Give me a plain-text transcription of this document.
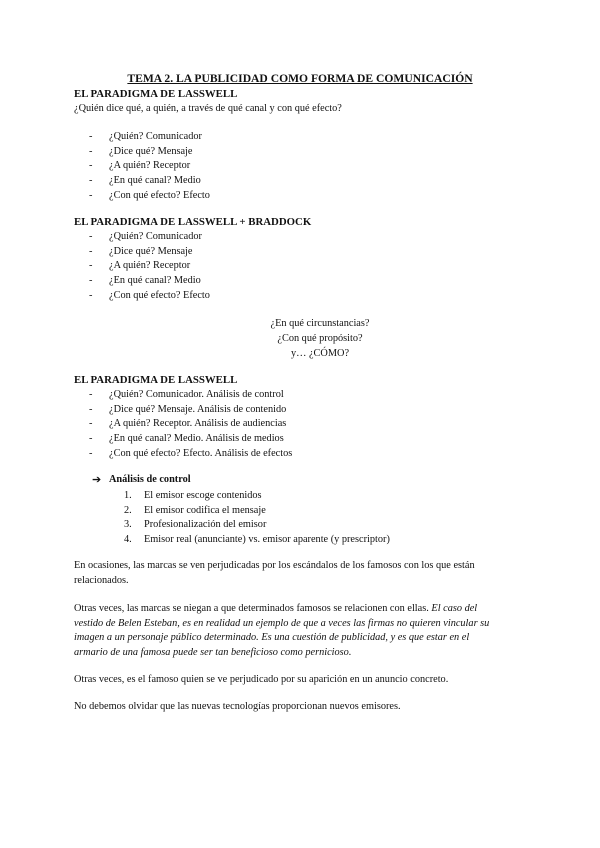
TEMA 2. LA PUBLICIDAD COMO FORMA DE COMUNICACIÓN
EL PARADIGMA DE LASSWELL
¿Quién dice qué, a quién, a través de qué canal y con qué efecto?
- ¿Quién? Comunicador
- ¿Dice qué? Mensaje
- ¿A quién? Receptor
- ¿En qué canal? Medio
- ¿Con qué efecto? Efecto
EL PARADIGMA DE LASSWELL + BRADDOCK
- ¿Quién? Comunicador
- ¿Dice qué? Mensaje
- ¿A quién? Receptor
- ¿En qué canal? Medio
- ¿Con qué efecto? Efecto
¿En qué circunstancias?
¿Con qué propósito?
y… ¿CÓMO?
EL PARADIGMA DE LASSWELL
- ¿Quién? Comunicador. Análisis de control
- ¿Dice qué? Mensaje. Análisis de contenido
- ¿A quién? Receptor. Análisis de audiencias
- ¿En qué canal? Medio. Análisis de medios
- ¿Con qué efecto? Efecto. Análisis de efectos
➔ Análisis de control
1. El emisor escoge contenidos
2. El emisor codifica el mensaje
3. Profesionalización del emisor
4. Emisor real (anunciante) vs. emisor aparente (y prescriptor)
En ocasiones, las marcas se ven perjudicadas por los escándalos de los famosos con los que están
relacionados.
Otras veces, las marcas se niegan a que determinados famosos se relacionen con ellas. El caso del
vestido de Belen Esteban, es en realidad un ejemplo de que a veces las firmas no quieren vincular su
imagen a un personaje público determinado. Es una cuestión de publicidad, y es que estar en el
armario de una famosa puede ser tan beneficioso como pernicioso.
Otras veces, es el famoso quien se ve perjudicado por su aparición en un anuncio concreto.
No debemos olvidar que las nuevas tecnologías proporcionan nuevos emisores.
